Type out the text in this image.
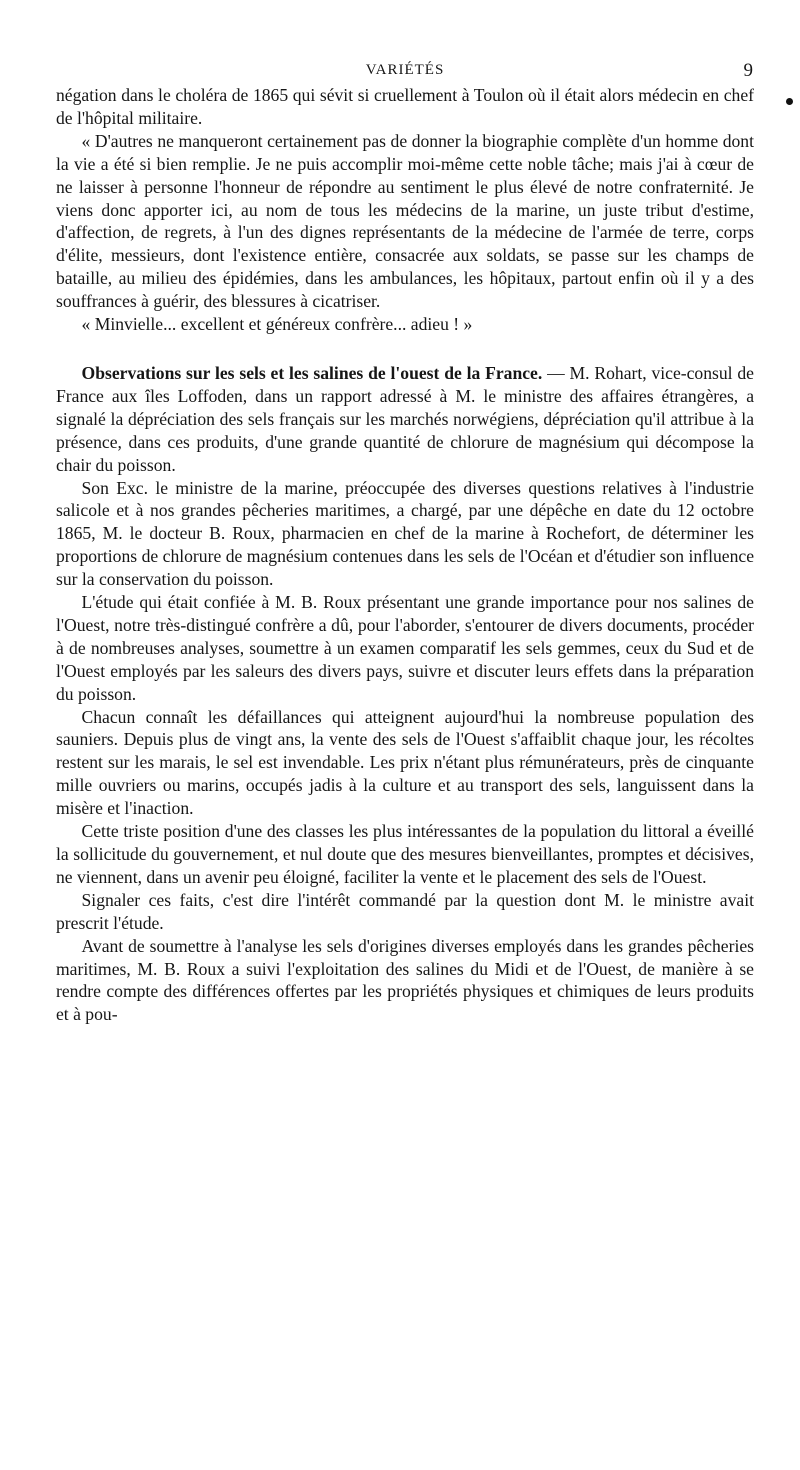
VARIÉTÉS	9

négation dans le choléra de 1865 qui sévit si cruellement à Toulon où il était alors médecin en chef de l'hôpital militaire.

« D'autres ne manqueront certainement pas de donner la biographie complète d'un homme dont la vie a été si bien remplie. Je ne puis accomplir moi-même cette noble tâche; mais j'ai à cœur de ne laisser à personne l'honneur de répondre au sentiment le plus élevé de notre confraternité. Je viens donc apporter ici, au nom de tous les médecins de la marine, un juste tribut d'estime, d'affection, de regrets, à l'un des dignes représentants de la médecine de l'armée de terre, corps d'élite, messieurs, dont l'existence entière, consacrée aux soldats, se passe sur les champs de bataille, au milieu des épidémies, dans les ambulances, les hôpitaux, partout enfin où il y a des souffrances à guérir, des blessures à cicatriser.

« Minvielle... excellent et généreux confrère... adieu ! »

Observations sur les sels et les salines de l'ouest de la France. — M. Rohart, vice-consul de France aux îles Loffoden, dans un rapport adressé à M. le ministre des affaires étrangères, a signalé la dépréciation des sels français sur les marchés norwégiens, dépréciation qu'il attribue à la présence, dans ces produits, d'une grande quantité de chlorure de magnésium qui décompose la chair du poisson.

Son Exc. le ministre de la marine, préoccupée des diverses questions relatives à l'industrie salicole et à nos grandes pêcheries maritimes, a chargé, par une dépêche en date du 12 octobre 1865, M. le docteur B. Roux, pharmacien en chef de la marine à Rochefort, de déterminer les proportions de chlorure de magnésium contenues dans les sels de l'Océan et d'étudier son influence sur la conservation du poisson.

L'étude qui était confiée à M. B. Roux présentant une grande importance pour nos salines de l'Ouest, notre très-distingué confrère a dû, pour l'aborder, s'entourer de divers documents, procéder à de nombreuses analyses, soumettre à un examen comparatif les sels gemmes, ceux du Sud et de l'Ouest employés par les saleurs des divers pays, suivre et discuter leurs effets dans la préparation du poisson.

Chacun connaît les défaillances qui atteignent aujourd'hui la nombreuse population des sauniers. Depuis plus de vingt ans, la vente des sels de l'Ouest s'affaiblit chaque jour, les récoltes restent sur les marais, le sel est invendable. Les prix n'étant plus rémunérateurs, près de cinquante mille ouvriers ou marins, occupés jadis à la culture et au transport des sels, languissent dans la misère et l'inaction.

Cette triste position d'une des classes les plus intéressantes de la population du littoral a éveillé la sollicitude du gouvernement, et nul doute que des mesures bienveillantes, promptes et décisives, ne viennent, dans un avenir peu éloigné, faciliter la vente et le placement des sels de l'Ouest.

Signaler ces faits, c'est dire l'intérêt commandé par la question dont M. le ministre avait prescrit l'étude.

Avant de soumettre à l'analyse les sels d'origines diverses employés dans les grandes pêcheries maritimes, M. B. Roux a suivi l'exploitation des salines du Midi et de l'Ouest, de manière à se rendre compte des différences offertes par les propriétés physiques et chimiques de leurs produits et à pou-
